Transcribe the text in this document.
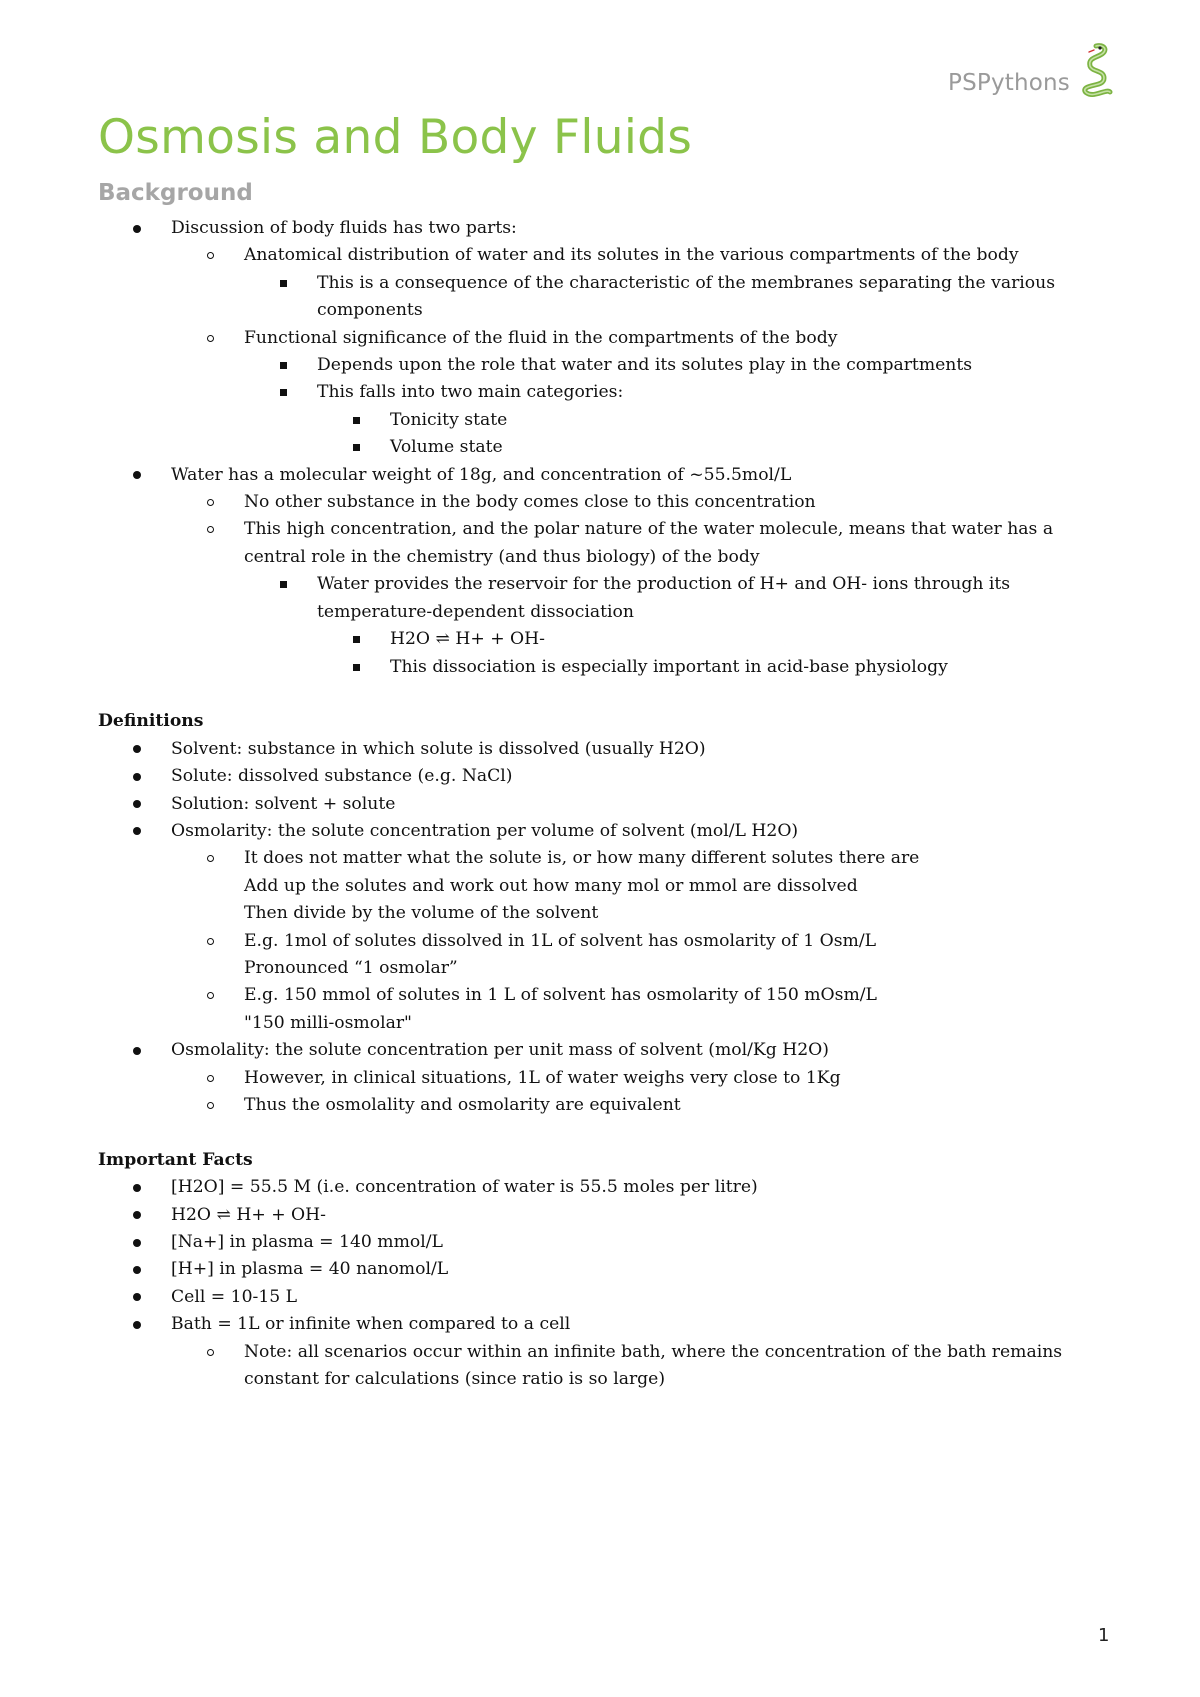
PSPythons
Osmosis and Body Fluids
Background
Discussion of body fluids has two parts:
Anatomical distribution of water and its solutes in the various compartments of the body
This is a consequence of the characteristic of the membranes separating the various components
Functional significance of the fluid in the compartments of the body
Depends upon the role that water and its solutes play in the compartments
This falls into two main categories:
Tonicity state
Volume state
Water has a molecular weight of 18g, and concentration of ~55.5mol/L
No other substance in the body comes close to this concentration
This high concentration, and the polar nature of the water molecule, means that water has a central role in the chemistry (and thus biology) of the body
Water provides the reservoir for the production of H+ and OH- ions through its temperature-dependent dissociation
H2O ⇌ H+ + OH-
This dissociation is especially important in acid-base physiology

Definitions

Solvent: substance in which solute is dissolved (usually H2O)
Solute: dissolved substance (e.g. NaCl)
Solution: solvent + solute
Osmolarity: the solute concentration per volume of solvent (mol/L H2O)
It does not matter what the solute is, or how many different solutes there are
Add up the solutes and work out how many mol or mmol are dissolved
Then divide by the volume of the solvent
E.g. 1mol of solutes dissolved in 1L of solvent has osmolarity of 1 Osm/L
Pronounced “1 osmolar”
E.g. 150 mmol of solutes in 1 L of solvent has osmolarity of 150 mOsm/L
"150 milli-osmolar"
Osmolality: the solute concentration per unit mass of solvent (mol/Kg H2O)
However, in clinical situations, 1L of water weighs very close to 1Kg
Thus the osmolality and osmolarity are equivalent

Important Facts

[H2O] = 55.5 M (i.e. concentration of water is 55.5 moles per litre)
H2O ⇌ H+ + OH-
[Na+] in plasma = 140 mmol/L
[H+] in plasma = 40 nanomol/L
Cell = 10-15 L
Bath = 1L or infinite when compared to a cell
Note: all scenarios occur within an infinite bath, where the concentration of the bath remains constant for calculations (since ratio is so large)
1
